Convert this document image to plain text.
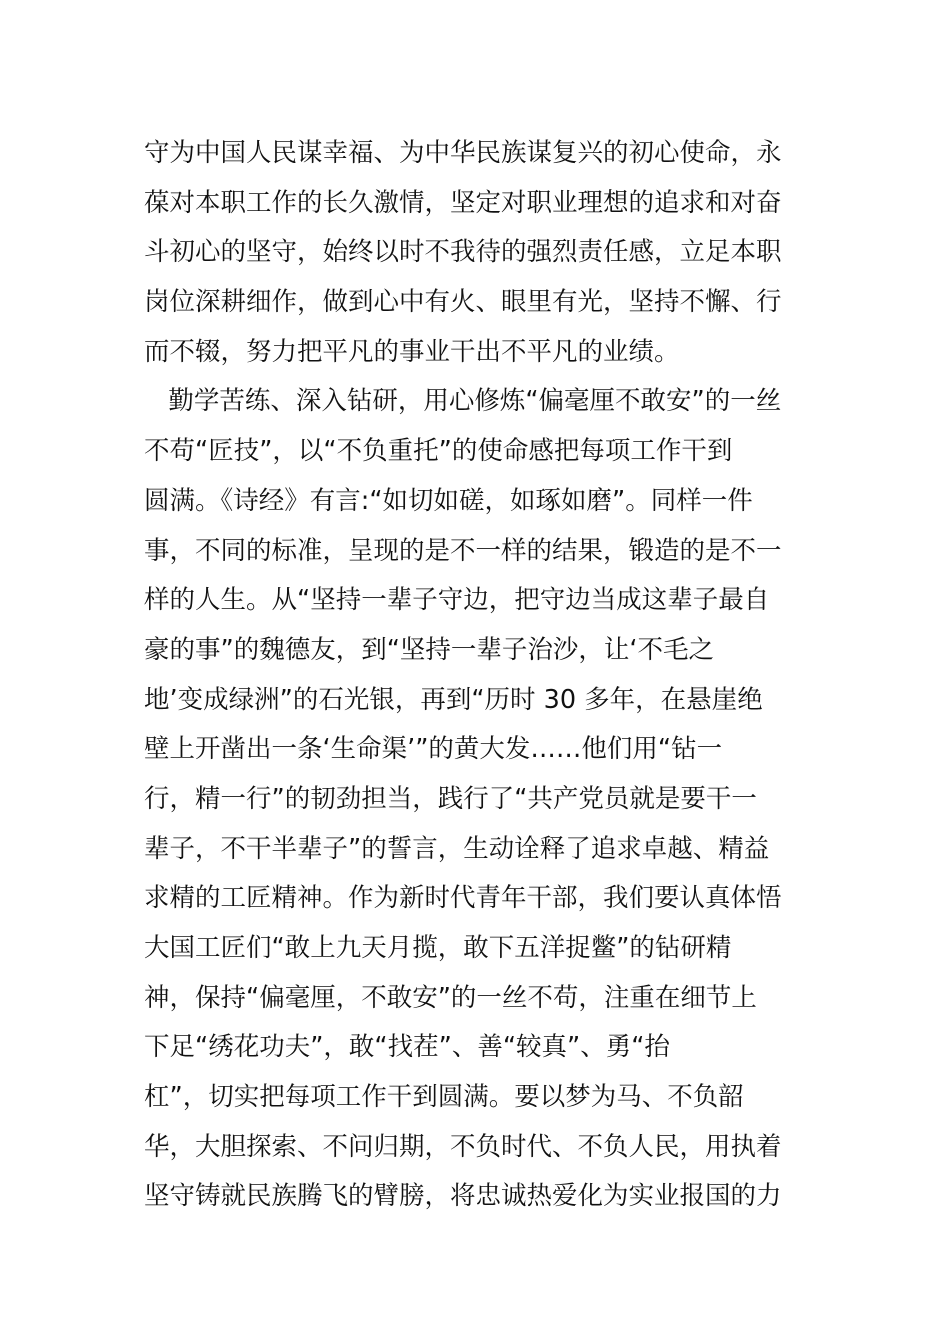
守为中国人民谋幸福、为中华民族谋复兴的初心使命，永
葆对本职工作的长久激情，坚定对职业理想的追求和对奋
斗初心的坚守，始终以时不我待的强烈责任感，立足本职
岗位深耕细作，做到心中有火、眼里有光，坚持不懈、行
而不辍，努力把平凡的事业干出不平凡的业绩。
勤学苦练、深入钻研，用心修炼“偏毫厘不敢安”的一丝
不苟“匠技”，以“不负重托”的使命感把每项工作干到
圆满。《诗经》有言:“如切如磋，如琢如磨”。同样一件
事，不同的标准，呈现的是不一样的结果，锻造的是不一
样的人生。从“坚持一辈子守边，把守边当成这辈子最自
豪的事”的魏德友，到“坚持一辈子治沙，让‘不毛之
地’变成绿洲”的石光银，再到“历时 30 多年，在悬崖绝
壁上开凿出一条‘生命渠’”的黄大发……他们用“钻一
行，精一行”的韧劲担当，践行了“共产党员就是要干一
辈子，不干半辈子”的誓言，生动诠释了追求卓越、精益
求精的工匠精神。作为新时代青年干部，我们要认真体悟
大国工匠们“敢上九天月揽，敢下五洋捉鳖”的钻研精
神，保持“偏毫厘，不敢安”的一丝不苟，注重在细节上
下足“绣花功夫”，敢“找茬”、善“较真”、勇“抬
杠”，切实把每项工作干到圆满。要以梦为马、不负韶
华，大胆探索、不问归期，不负时代、不负人民，用执着
坚守铸就民族腾飞的臂膀，将忠诚热爱化为实业报国的力
